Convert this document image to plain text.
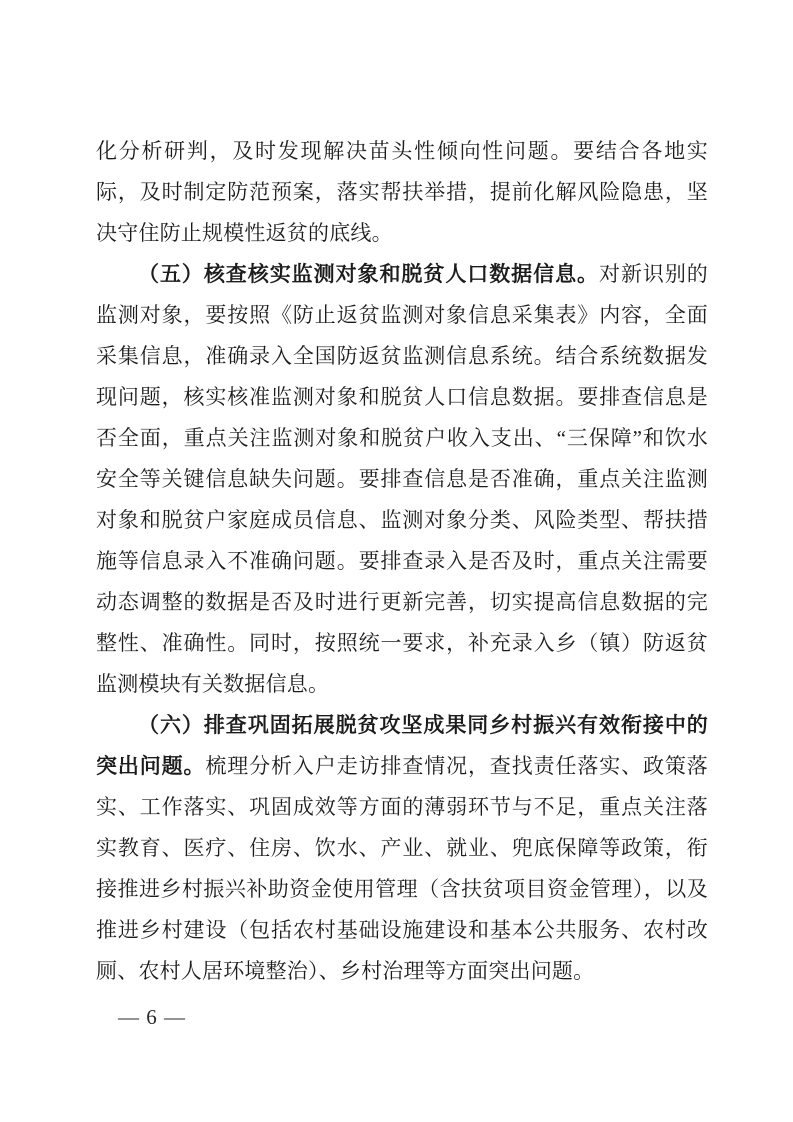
化分析研判，及时发现解决苗头性倾向性问题。要结合各地实际，及时制定防范预案，落实帮扶举措，提前化解风险隐患，坚决守住防止规模性返贫的底线。

（五）核查核实监测对象和脱贫人口数据信息。对新识别的监测对象，要按照《防止返贫监测对象信息采集表》内容，全面采集信息，准确录入全国防返贫监测信息系统。结合系统数据发现问题，核实核准监测对象和脱贫人口信息数据。要排查信息是否全面，重点关注监测对象和脱贫户收入支出、“三保障”和饮水安全等关键信息缺失问题。要排查信息是否准确，重点关注监测对象和脱贫户家庭成员信息、监测对象分类、风险类型、帮扶措施等信息录入不准确问题。要排查录入是否及时，重点关注需要动态调整的数据是否及时进行更新完善，切实提高信息数据的完整性、准确性。同时，按照统一要求，补充录入乡（镇）防返贫监测模块有关数据信息。

（六）排查巩固拓展脱贫攻坚成果同乡村振兴有效衔接中的突出问题。梳理分析入户走访排查情况，查找责任落实、政策落实、工作落实、巩固成效等方面的薄弱环节与不足，重点关注落实教育、医疗、住房、饮水、产业、就业、兜底保障等政策，衔接推进乡村振兴补助资金使用管理（含扶贫项目资金管理），以及推进乡村建设（包括农村基础设施建设和基本公共服务、农村改厕、农村人居环境整治）、乡村治理等方面突出问题。

— 6 —
